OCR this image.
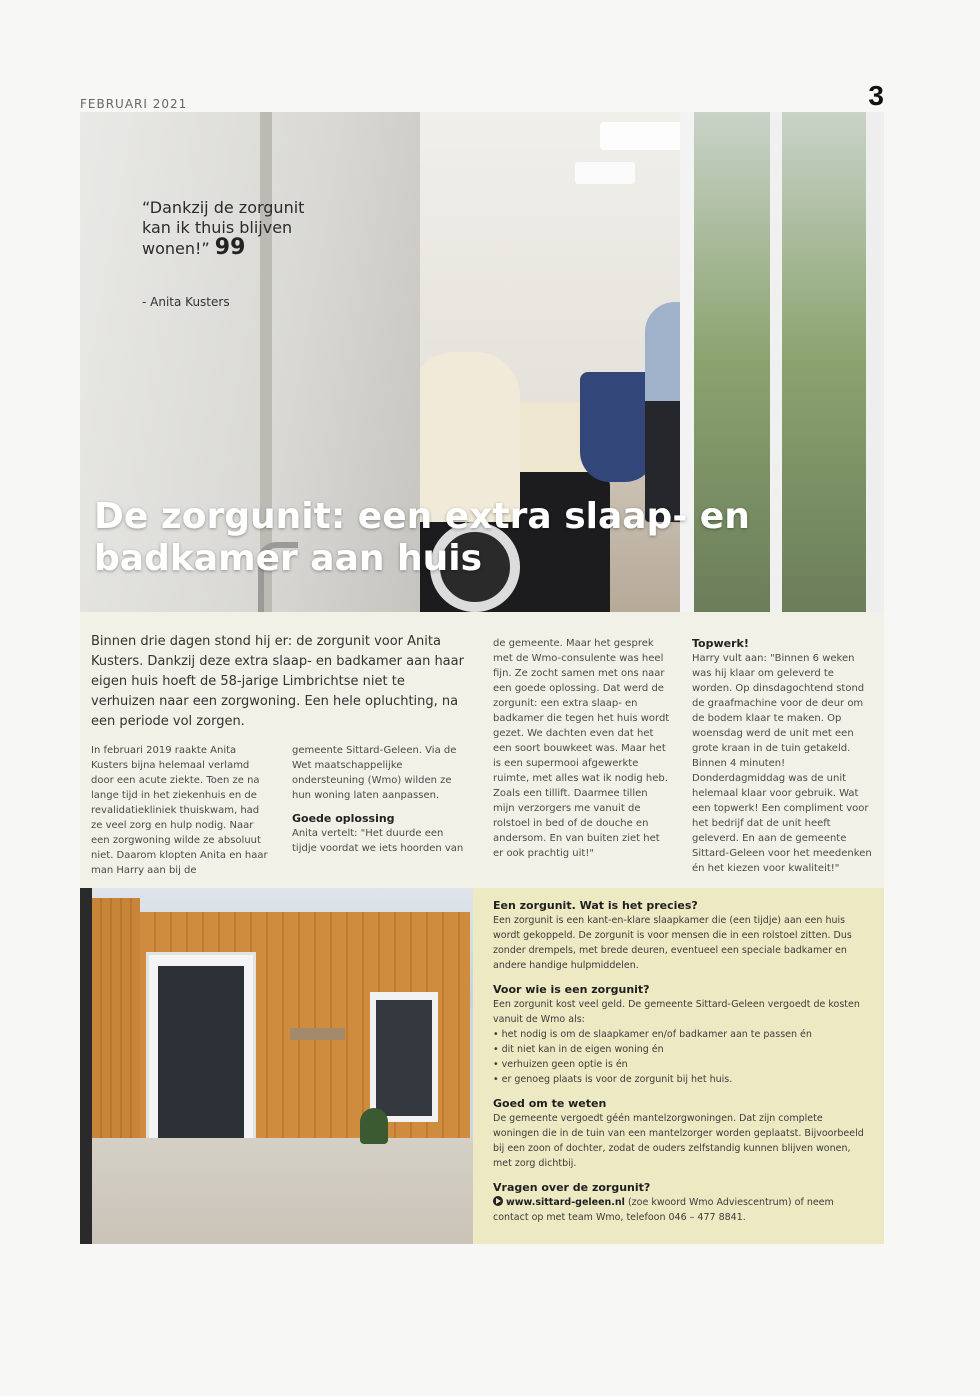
FEBRUARI 2021	3
“Dankzij de zorgunit kan ik thuis blijven wonen!” 99
- Anita Kusters
De zorgunit: een extra slaap- en badkamer aan huis
Binnen drie dagen stond hij er: de zorgunit voor Anita Kusters. Dankzij deze extra slaap- en badkamer aan haar eigen huis hoeft de 58-jarige Limbrichtse niet te verhuizen naar een zorgwoning. Een hele opluchting, na een periode vol zorgen.
In februari 2019 raakte Anita Kusters bijna helemaal verlamd door een acute ziekte. Toen ze na lange tijd in het ziekenhuis en de revalidatiekliniek thuiskwam, had ze veel zorg en hulp nodig. Naar een zorgwoning wilde ze absoluut niet. Daarom klopten Anita en haar man Harry aan bij de
gemeente Sittard-Geleen. Via de Wet maatschappelijke ondersteuning (Wmo) wilden ze hun woning laten aanpassen.
Goede oplossing
Anita vertelt: "Het duurde een tijdje voordat we iets hoorden van
de gemeente. Maar het gesprek met de Wmo-consulente was heel fijn. Ze zocht samen met ons naar een goede oplossing. Dat werd de zorgunit: een extra slaap- en badkamer die tegen het huis wordt gezet. We dachten even dat het een soort bouwkeet was. Maar het is een supermooi afgewerkte ruimte, met alles wat ik nodig heb. Zoals een tillift. Daarmee tillen mijn verzorgers me vanuit de rolstoel in bed of de douche en andersom. En van buiten ziet het er ook prachtig uit!"
Topwerk!
Harry vult aan: "Binnen 6 weken was hij klaar om geleverd te worden. Op dinsdagochtend stond de graafmachine voor de deur om de bodem klaar te maken. Op woensdag werd de unit met een grote kraan in de tuin getakeld. Binnen 4 minuten! Donderdagmiddag was de unit helemaal klaar voor gebruik. Wat een topwerk! Een compliment voor het bedrijf dat de unit heeft geleverd. En aan de gemeente Sittard-Geleen voor het meedenken én het kiezen voor kwaliteit!"
Een zorgunit. Wat is het precies?

Een zorgunit is een kant-en-klare slaapkamer die (een tijdje) aan een huis wordt gekoppeld. De zorgunit is voor mensen die in een rolstoel zitten. Dus zonder drempels, met brede deuren, eventueel een speciale badkamer en andere handige hulpmiddelen.

Voor wie is een zorgunit?

Een zorgunit kost veel geld. De gemeente Sittard-Geleen vergoedt de kosten vanuit de Wmo als:

• het nodig is om de slaapkamer en/of badkamer aan te passen én
• dit niet kan in de eigen woning én
• verhuizen geen optie is én
• er genoeg plaats is voor de zorgunit bij het huis.
Goed om te weten

De gemeente vergoedt géén mantelzorgwoningen. Dat zijn complete woningen die in de tuin van een mantelzorger worden geplaatst. Bijvoorbeeld bij een zoon of dochter, zodat de ouders zelfstandig kunnen blijven wonen, met zorg dichtbij.

Vragen over de zorgunit?

www.sittard-geleen.nl (zoe kwoord Wmo Adviescentrum) of neem contact op met team Wmo, telefoon 046 – 477 8841.
